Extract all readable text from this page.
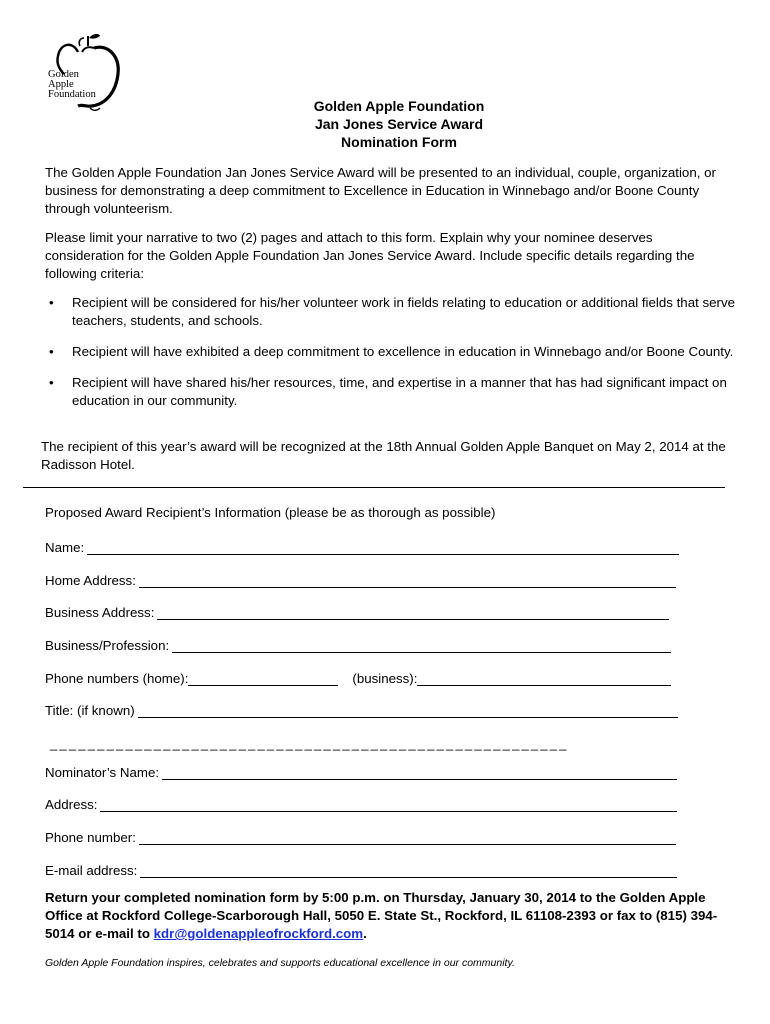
Golden
Apple
Foundation
Golden Apple Foundation
Jan Jones Service Award
Nomination Form
The Golden Apple Foundation Jan Jones Service Award will be presented to an individual, couple, organization, or business for demonstrating a deep commitment to Excellence in Education in Winnebago and/or Boone County through volunteerism.
Please limit your narrative to two (2) pages and attach to this form. Explain why your nominee deserves consideration for the Golden Apple Foundation Jan Jones Service Award. Include specific details regarding the following criteria:
• Recipient will be considered for his/her volunteer work in fields relating to education or additional fields that serve teachers, students, and schools.
• Recipient will have exhibited a deep commitment to excellence in education in Winnebago and/or Boone County.
• Recipient will have shared his/her resources, time, and expertise in a manner that has had significant impact on education in our community.
The recipient of this year’s award will be recognized at the 18th Annual Golden Apple Banquet on May 2, 2014 at the Radisson Hotel.
Proposed Award Recipient’s Information (please be as thorough as possible)
Name:
Home Address:
Business Address:
Business/Profession:
Phone numbers (home):	(business):
Title: (if known)
_______________________________________________________
Nominator’s Name:
Address:
Phone number:
E-mail address:
Return your completed nomination form by 5:00 p.m. on Thursday, January 30, 2014 to the Golden Apple Office at Rockford College-Scarborough Hall, 5050 E. State St., Rockford, IL 61108-2393 or fax to (815) 394-5014 or e-mail to kdr@goldenappleofrockford.com.
Golden Apple Foundation inspires, celebrates and supports educational excellence in our community.
